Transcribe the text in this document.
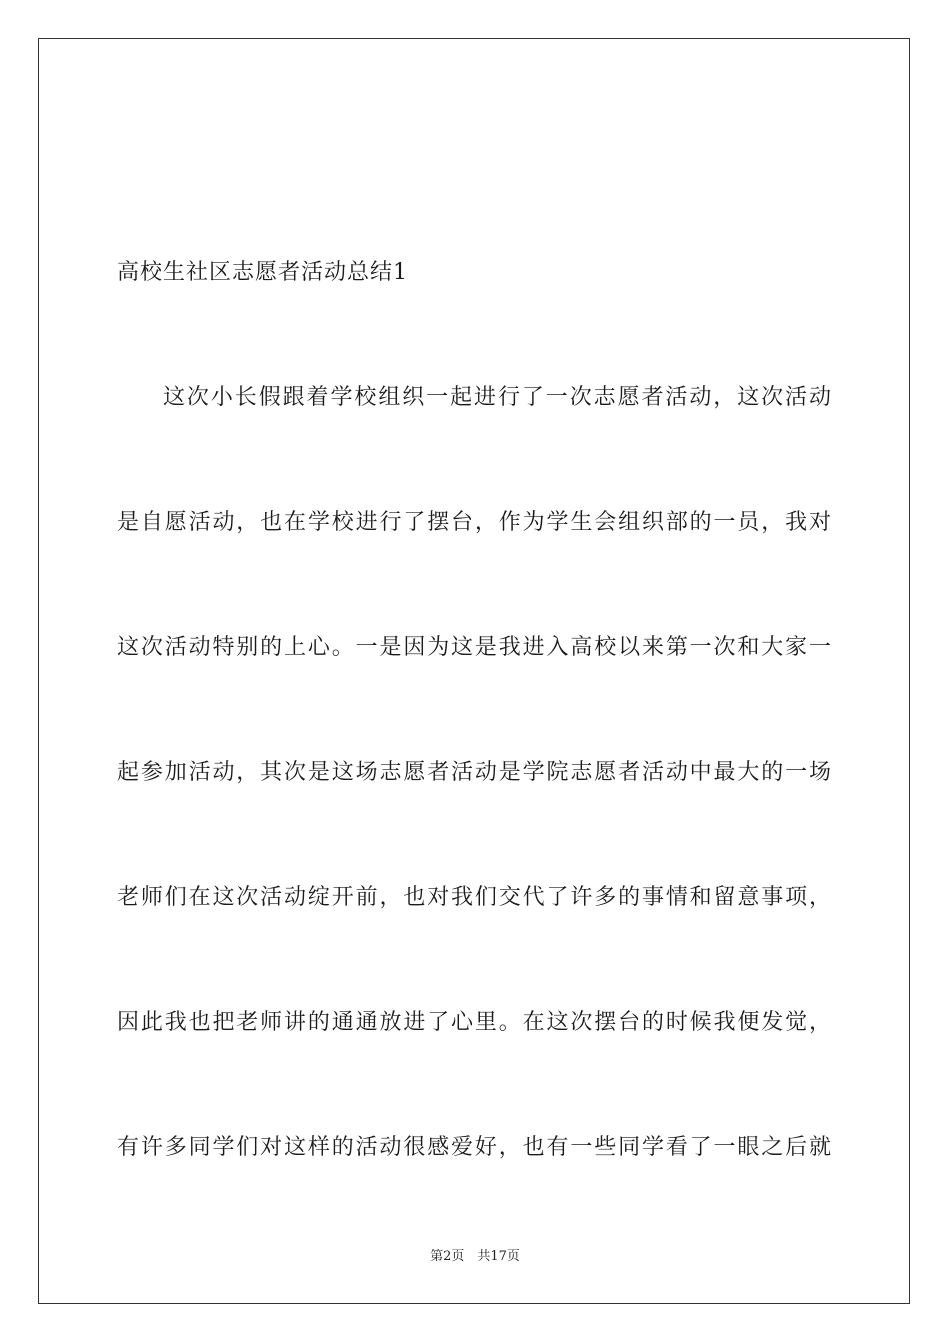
高校生社区志愿者活动总结1
这次小长假跟着学校组织一起进行了一次志愿者活动，这次活动
是自愿活动，也在学校进行了摆台，作为学生会组织部的一员，我对
这次活动特别的上心。一是因为这是我进入高校以来第一次和大家一
起参加活动，其次是这场志愿者活动是学院志愿者活动中最大的一场
老师们在这次活动绽开前，也对我们交代了许多的事情和留意事项，
因此我也把老师讲的通通放进了心里。在这次摆台的时候我便发觉，
有许多同学们对这样的活动很感爱好，也有一些同学看了一眼之后就
第2页　共17页
